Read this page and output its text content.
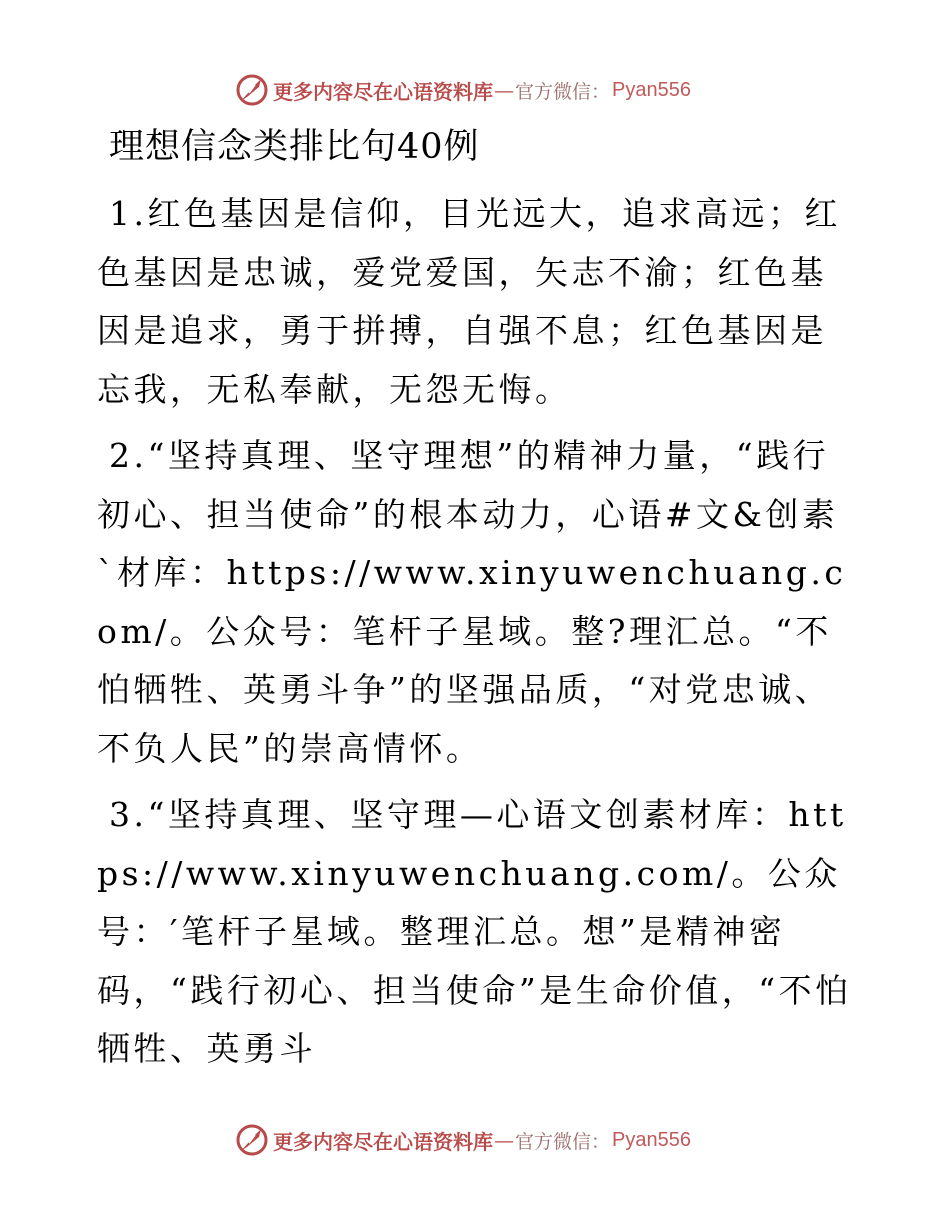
更多内容尽在心语资料库 — 官方微信： Pyan556

理想信念类排比句40例

1.红色基因是信仰，目光远大，追求高远；红色基因是忠诚，爱党爱国，矢志不渝；红色基因是追求，勇于拼搏，自强不息；红色基因是忘我，无私奉献，无怨无悔。

2.“坚持真理、坚守理想”的精神力量，“践行初心、担当使命”的根本动力，心语#文&创素`材库：https://www.xinyuwenchuang.com/。公众号：笔杆子星域。整?理汇总。“不怕牺牲、英勇斗争”的坚强品质，“对党忠诚、不负人民”的崇高情怀。

3.“坚持真理、坚守理—心语文创素材库：https://www.xinyuwenchuang.com/。公众号：′笔杆子星域。整理汇总。想”是精神密码，“践行初心、担当使命”是生命价值，“不怕牺牲、英勇斗

更多内容尽在心语资料库 — 官方微信： Pyan556
